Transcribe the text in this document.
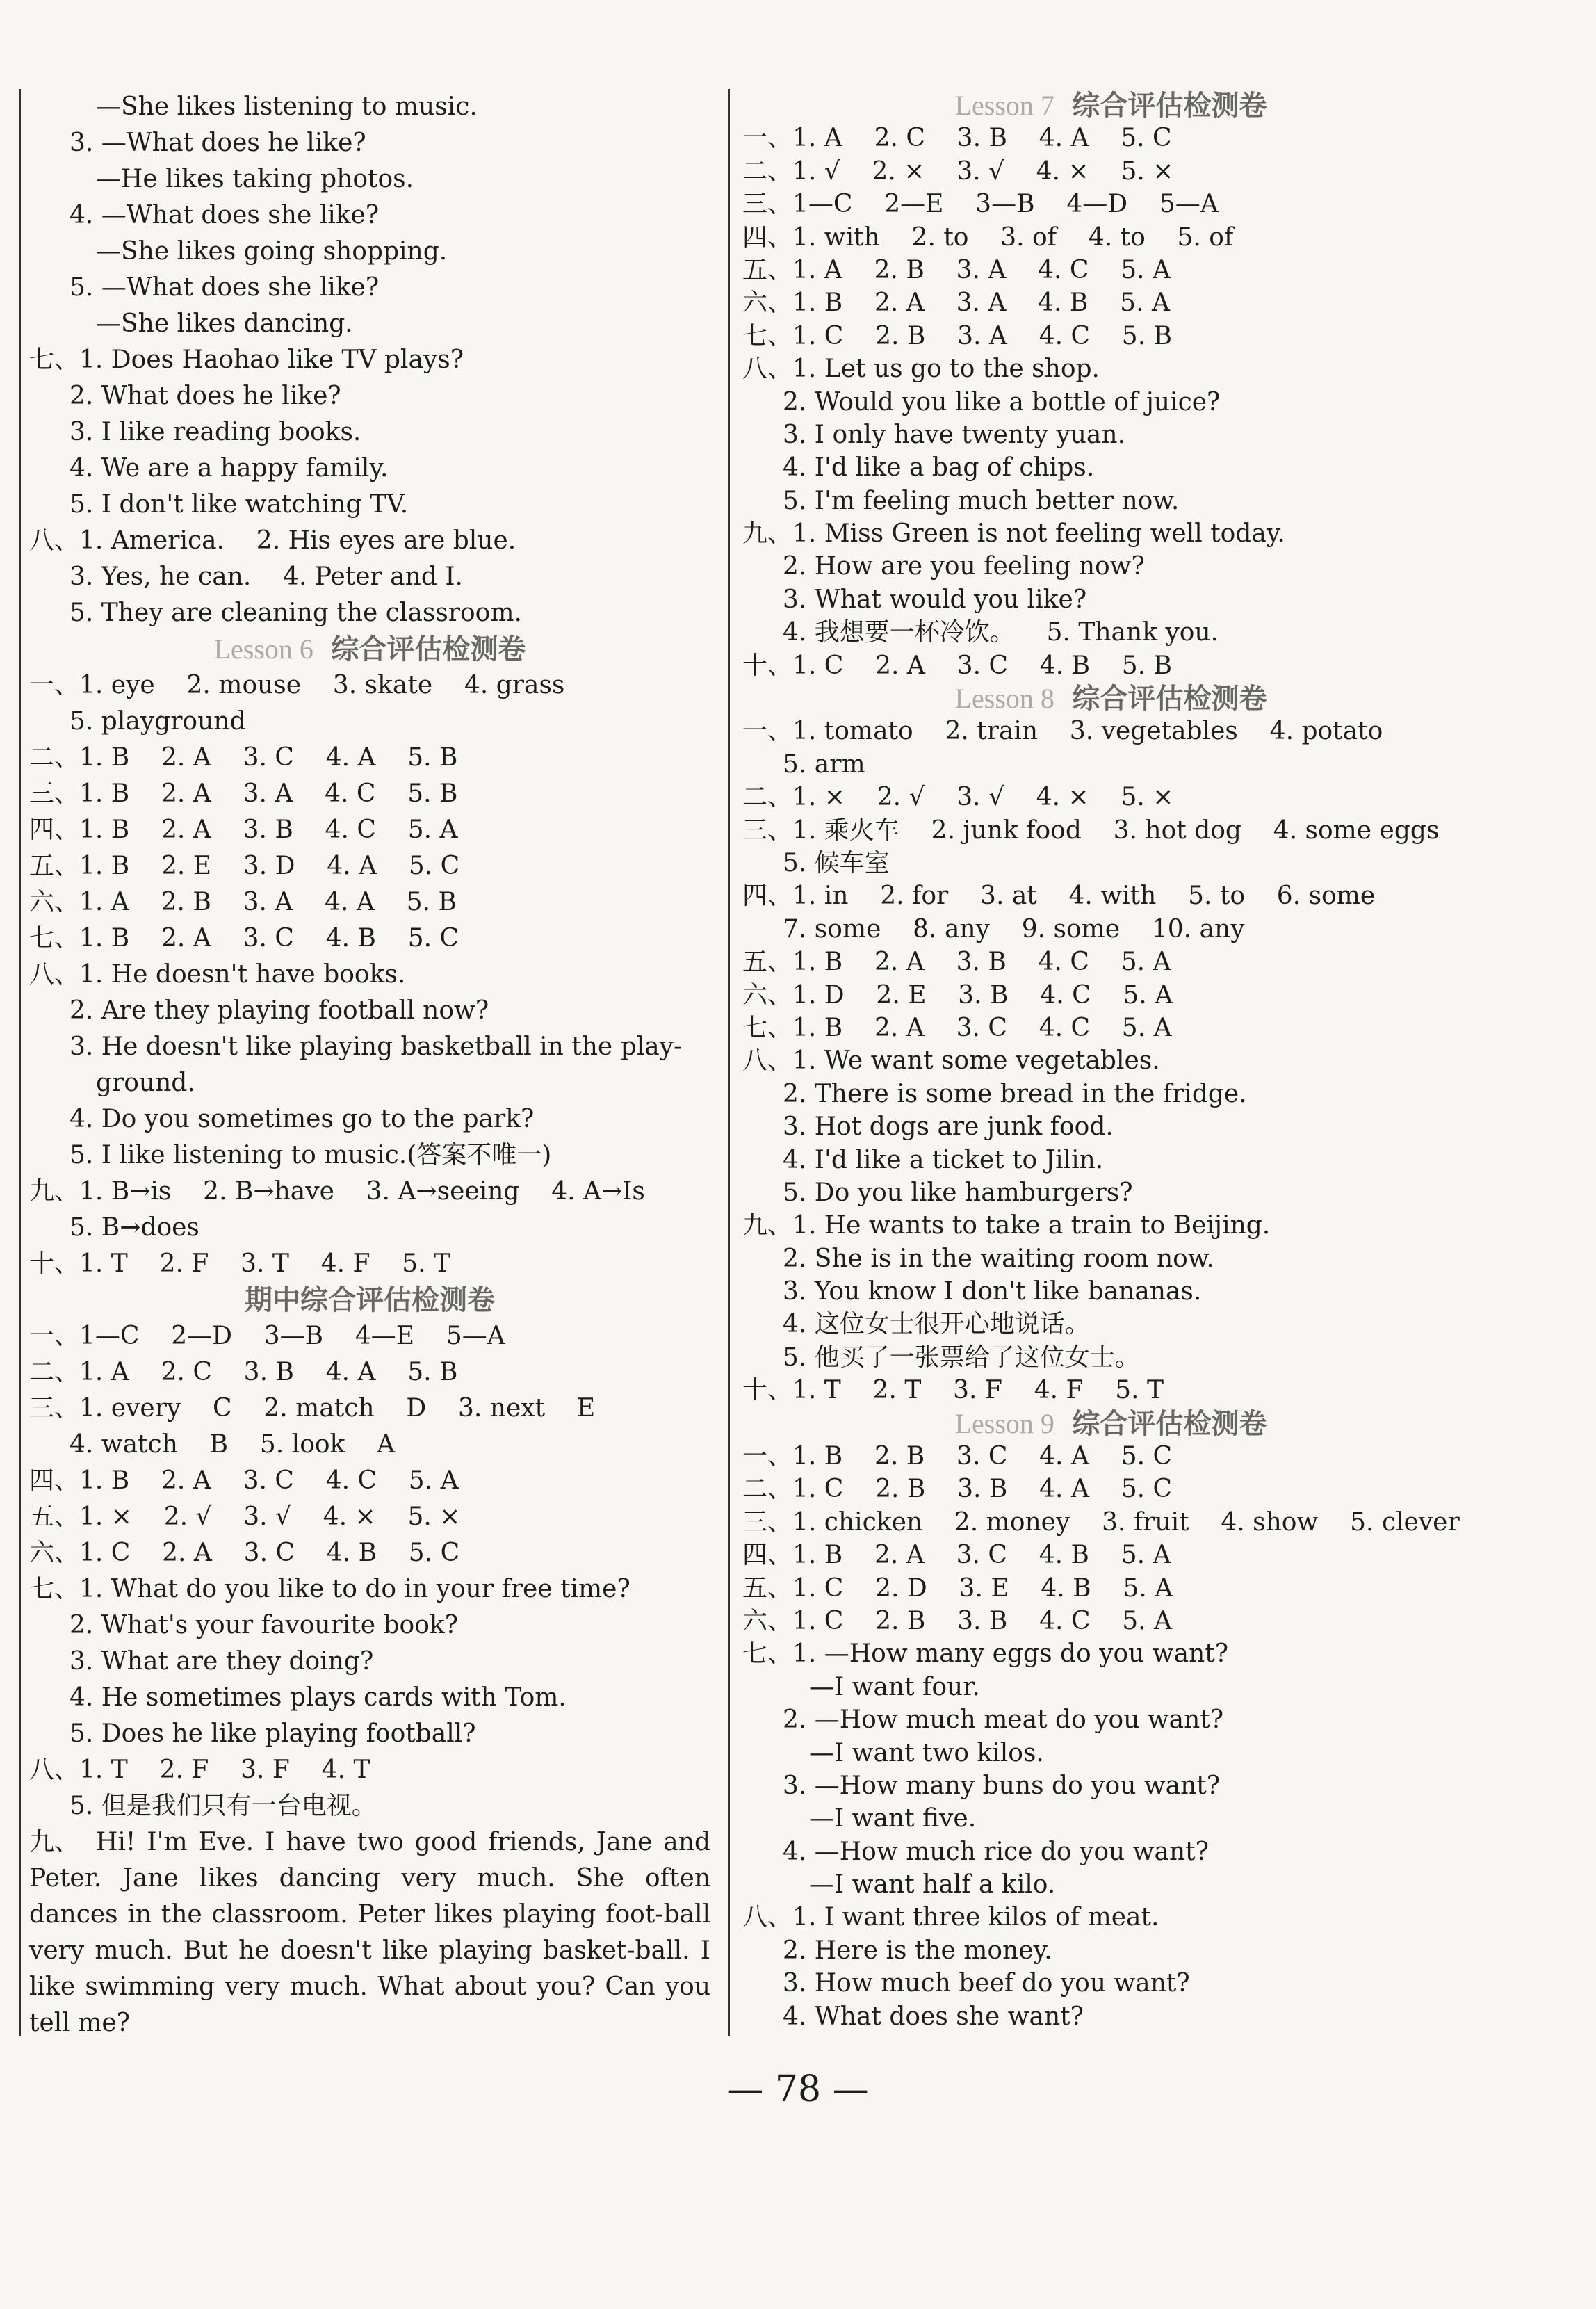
—She likes listening to music.
3. —What does he like?
—He likes taking photos.
4. —What does she like?
—She likes going shopping.
5. —What does she like?
—She likes dancing.
七、1. Does Haohao like TV plays?
2. What does he like?
3. I like reading books.
4. We are a happy family.
5. I don't like watching TV.
八、1. America.    2. His eyes are blue.
3. Yes, he can.    4. Peter and I.
5. They are cleaning the classroom.
Lesson 6 综合评估检测卷
一、1. eye    2. mouse    3. skate    4. grass
5. playground
二、1. B    2. A    3. C    4. A    5. B
三、1. B    2. A    3. A    4. C    5. B
四、1. B    2. A    3. B    4. C    5. A
五、1. B    2. E    3. D    4. A    5. C
六、1. A    2. B    3. A    4. A    5. B
七、1. B    2. A    3. C    4. B    5. C
八、1. He doesn't have books.
2. Are they playing football now?
3. He doesn't like playing basketball in the play-
ground.
4. Do you sometimes go to the park?
5. I like listening to music.(答案不唯一)
九、1. B→is    2. B→have    3. A→seeing    4. A→Is
5. B→does
十、1. T    2. F    3. T    4. F    5. T
期中综合评估检测卷
一、1—C    2—D    3—B    4—E    5—A
二、1. A    2. C    3. B    4. A    5. B
三、1. every    C    2. match    D    3. next    E
4. watch    B    5. look    A
四、1. B    2. A    3. C    4. C    5. A
五、1. ×    2. √    3. √    4. ×    5. ×
六、1. C    2. A    3. C    4. B    5. C
七、1. What do you like to do in your free time?
2. What's your favourite book?
3. What are they doing?
4. He sometimes plays cards with Tom.
5. Does he like playing football?
八、1. T    2. F    3. F    4. T
5. 但是我们只有一台电视。
九、 Hi! I'm Eve. I have two good friends, Jane and Peter. Jane likes dancing very much. She often dances in the classroom. Peter likes playing foot-ball very much. But he doesn't like playing basket-ball. I like swimming very much. What about you? Can you tell me?
Lesson 7 综合评估检测卷
一、1. A    2. C    3. B    4. A    5. C
二、1. √    2. ×    3. √    4. ×    5. ×
三、1—C    2—E    3—B    4—D    5—A
四、1. with    2. to    3. of    4. to    5. of
五、1. A    2. B    3. A    4. C    5. A
六、1. B    2. A    3. A    4. B    5. A
七、1. C    2. B    3. A    4. C    5. B
八、1. Let us go to the shop.
2. Would you like a bottle of juice?
3. I only have twenty yuan.
4. I'd like a bag of chips.
5. I'm feeling much better now.
九、1. Miss Green is not feeling well today.
2. How are you feeling now?
3. What would you like?
4. 我想要一杯冷饮。    5. Thank you.
十、1. C    2. A    3. C    4. B    5. B
Lesson 8 综合评估检测卷
一、1. tomato    2. train    3. vegetables    4. potato
5. arm
二、1. ×    2. √    3. √    4. ×    5. ×
三、1. 乘火车    2. junk food    3. hot dog    4. some eggs
5. 候车室
四、1. in    2. for    3. at    4. with    5. to    6. some
7. some    8. any    9. some    10. any
五、1. B    2. A    3. B    4. C    5. A
六、1. D    2. E    3. B    4. C    5. A
七、1. B    2. A    3. C    4. C    5. A
八、1. We want some vegetables.
2. There is some bread in the fridge.
3. Hot dogs are junk food.
4. I'd like a ticket to Jilin.
5. Do you like hamburgers?
九、1. He wants to take a train to Beijing.
2. She is in the waiting room now.
3. You know I don't like bananas.
4. 这位女士很开心地说话。
5. 他买了一张票给了这位女士。
十、1. T    2. T    3. F    4. F    5. T
Lesson 9 综合评估检测卷
一、1. B    2. B    3. C    4. A    5. C
二、1. C    2. B    3. B    4. A    5. C
三、1. chicken    2. money    3. fruit    4. show    5. clever
四、1. B    2. A    3. C    4. B    5. A
五、1. C    2. D    3. E    4. B    5. A
六、1. C    2. B    3. B    4. C    5. A
七、1. —How many eggs do you want?
—I want four.
2. —How much meat do you want?
—I want two kilos.
3. —How many buns do you want?
—I want five.
4. —How much rice do you want?
—I want half a kilo.
八、1. I want three kilos of meat.
2. Here is the money.
3. How much beef do you want?
4. What does she want?
— 78 —
